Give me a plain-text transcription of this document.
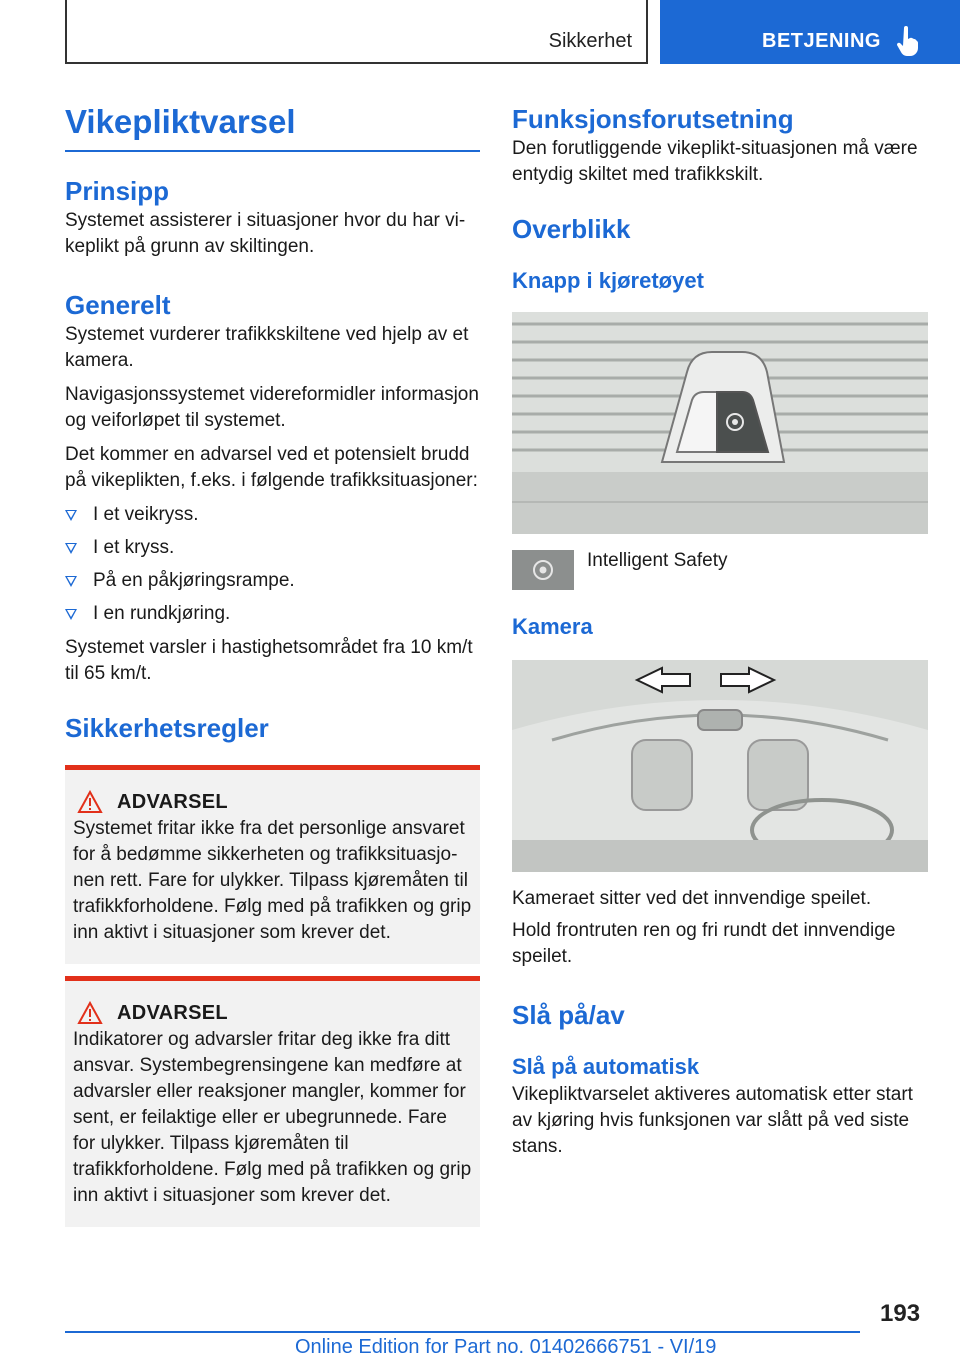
Sikkerhet	BETJENING
Vikepliktvarsel
Prinsipp

Systemet assisterer i situasjoner hvor du har vikeplikt på grunn av skiltingen.

Generelt

Systemet vurderer trafikkskiltene ved hjelp av et kamera.

Navigasjonssystemet videreformidler informasjon og veiforløpet til systemet.

Det kommer en advarsel ved et potensielt brudd på vikeplikten, f.eks. i følgende trafikksituasjoner:

I et veikryss.
I et kryss.
På en påkjøringsrampe.
I en rundkjøring.

Systemet varsler i hastighetsområdet fra 10 km/t til 65 km/t.

Sikkerhetsregler
ADVARSEL

Systemet fritar ikke fra det personlige ansvaret for å bedømme sikkerheten og trafikksituasjonen rett. Fare for ulykker. Tilpass kjøremåten til trafikkforholdene. Følg med på trafikken og grip inn aktivt i situasjoner som krever det.

ADVARSEL

Indikatorer og advarsler fritar deg ikke fra ditt ansvar. Systembegrensingene kan medføre at advarsler eller reaksjoner mangler, kommer for sent, er feilaktige eller er ubegrunnede. Fare for ulykker. Tilpass kjøremåten til trafikkforholdene. Følg med på trafikken og grip inn aktivt i situasjoner som krever det.

Funksjonsforutsetning

Den forutliggende vikeplikt-situasjonen må være entydig skiltet med trafikkskilt.

Overblikk
Knapp i kjøretøyet

Intelligent Safety

Kamera

Kameraet sitter ved det innvendige speilet.

Hold frontruten ren og fri rundt det innvendige speilet.

Slå på/av
Slå på automatisk

Vikepliktvarselet aktiveres automatisk etter start av kjøring hvis funksjonen var slått på ved siste stans.

193
Online Edition for Part no. 01402666751 - VI/19
